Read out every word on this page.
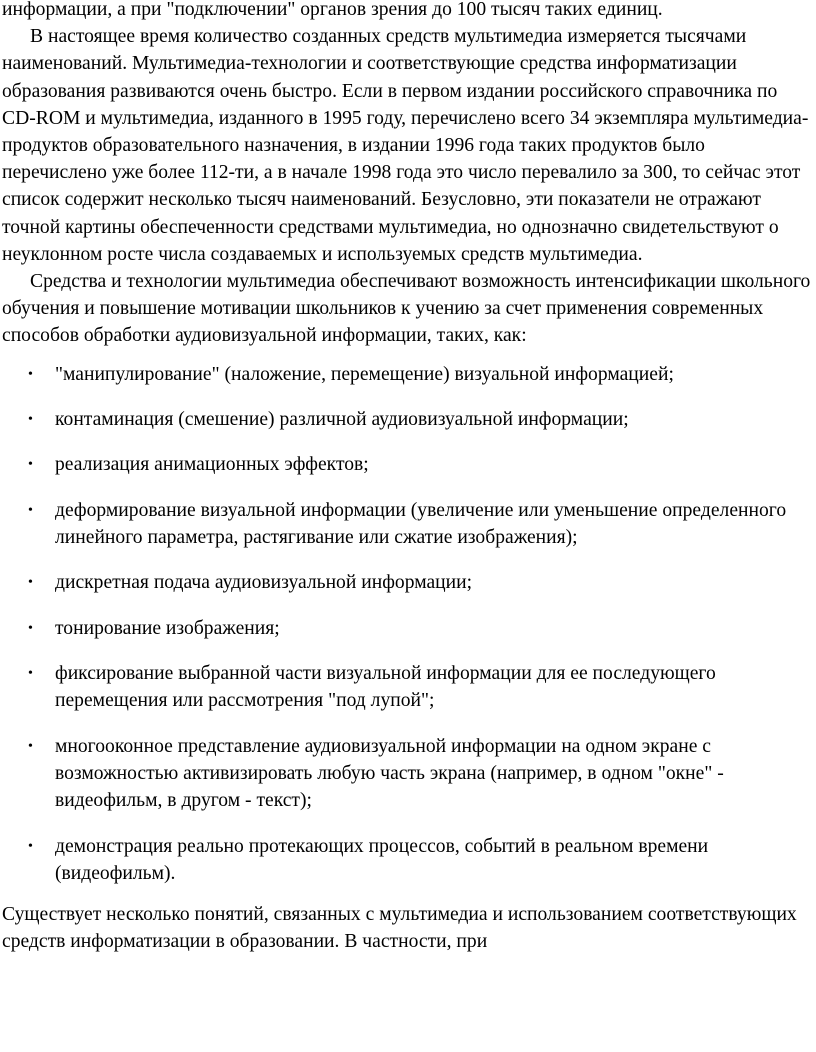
информации, а при "подключении" органов зрения до 100 тысяч таких единиц.

В настоящее время количество созданных средств мультимедиа измеряется тысячами наименований. Мультимедиа-технологии и соответствующие средства информатизации образования развиваются очень быстро. Если в первом издании российского справочника по CD-ROM и мультимедиа, изданного в 1995 году, перечислено всего 34 экземпляра мультимедиа-продуктов образовательного назначения, в издании 1996 года таких продуктов было перечислено уже более 112-ти, а в начале 1998 года это число перевалило за 300, то сейчас этот список содержит несколько тысяч наименований. Безусловно, эти показатели не отражают точной картины обеспеченности средствами мультимедиа, но однозначно свидетельствуют о неуклонном росте числа создаваемых и используемых средств мультимедиа.

Средства и технологии мультимедиа обеспечивают возможность интенсификации школьного обучения и повышение мотивации школьников к учению за счет применения современных способов обработки аудиовизуальной информации, таких, как:

• "манипулирование" (наложение, перемещение) визуальной информацией;
• контаминация (смешение) различной аудиовизуальной информации;
• реализация анимационных эффектов;
• деформирование визуальной информации (увеличение или уменьшение определенного линейного параметра, растягивание или сжатие изображения);
• дискретная подача аудиовизуальной информации;
• тонирование изображения;
• фиксирование выбранной части визуальной информации для ее последующего перемещения или рассмотрения "под лупой";
• многооконное представление аудиовизуальной информации на одном экране с возможностью активизировать любую часть экрана (например, в одном "окне" - видеофильм, в другом - текст);
• демонстрация реально протекающих процессов, событий в реальном времени (видеофильм).

Существует несколько понятий, связанных с мультимедиа и использованием соответствующих средств информатизации в образовании. В частности, при
